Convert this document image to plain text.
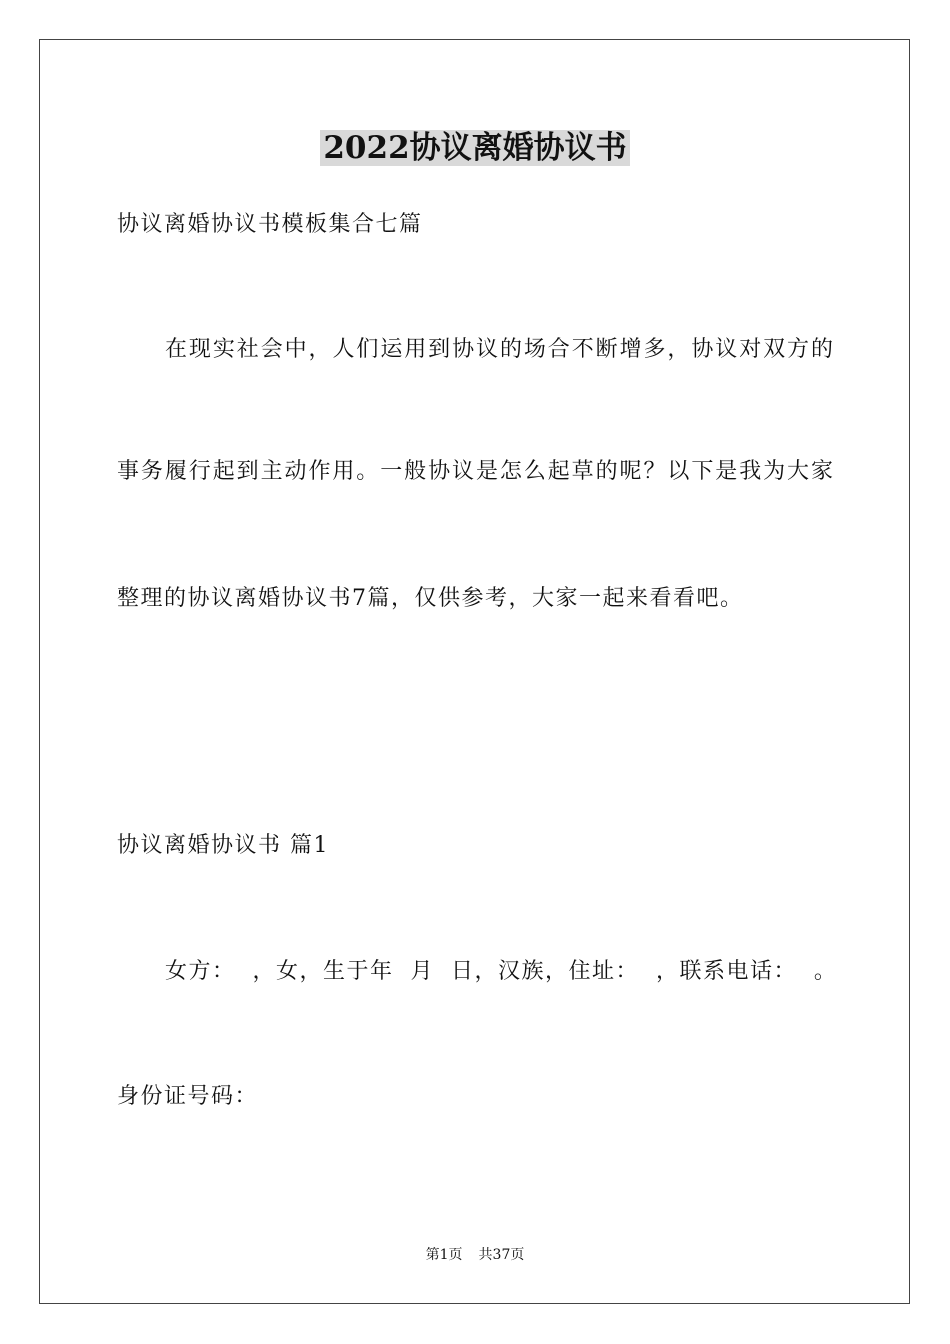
2022协议离婚协议书
协议离婚协议书模板集合七篇
在现实社会中，人们运用到协议的场合不断增多，协议对双方的
事务履行起到主动作用。一般协议是怎么起草的呢？以下是我为大家
整理的协议离婚协议书7篇，仅供参考，大家一起来看看吧。
协议离婚协议书 篇1
女方：  ，女，生于年  月  日，汉族，住址：  ，联系电话：  。
身份证号码：
第1页 共37页
